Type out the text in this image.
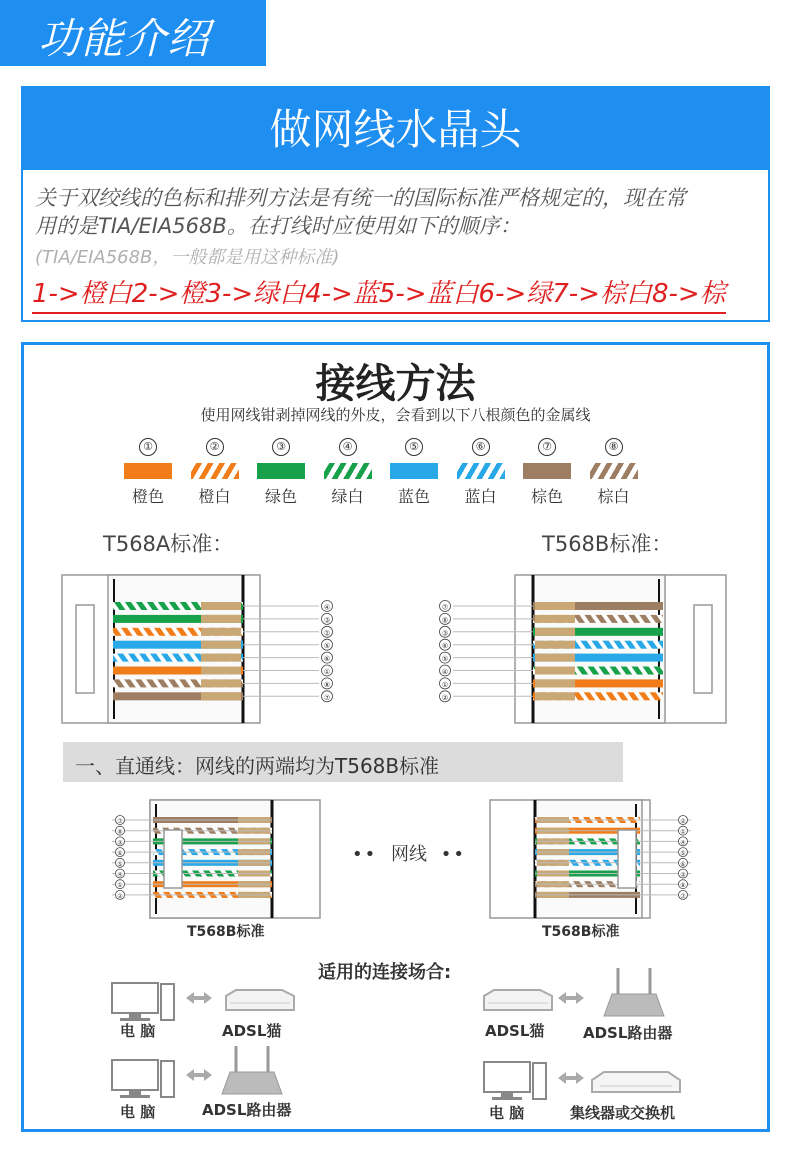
功能介绍
做网线水晶头
关于双绞线的色标和排列方法是有统一的国际标准严格规定的，现在常
用的是TIA/EIA568B。在打线时应使用如下的顺序：
(TIA/EIA568B，一般都是用这种标准)
1->橙白2->橙3->绿白4->蓝5->蓝白6->绿7->棕白8->棕
接线方法
使用网线钳剥掉网线的外皮，会看到以下八根颜色的金属线
①
橙色
②
橙白
③
绿色
④
绿白
⑤
蓝色
⑥
蓝白
⑦
棕色
⑧
棕白
T568A标准：	T568B标准：
④
③
②
⑤
⑥
①
⑧
⑦
⑦
⑧
③
⑥
⑤
④
①
②
⑦
⑧
③
⑥
⑤
④
①
②
②
①
④
⑤
⑥
③
⑧
⑦
一、直通线：网线的两端均为T568B标准
•• 网线 ••
T568B标准	T568B标准
适用的连接场合:
电 脑	ADSL猫	ADSL猫	ADSL路由器
电 脑	ADSL路由器	电 脑	集线器或交换机
